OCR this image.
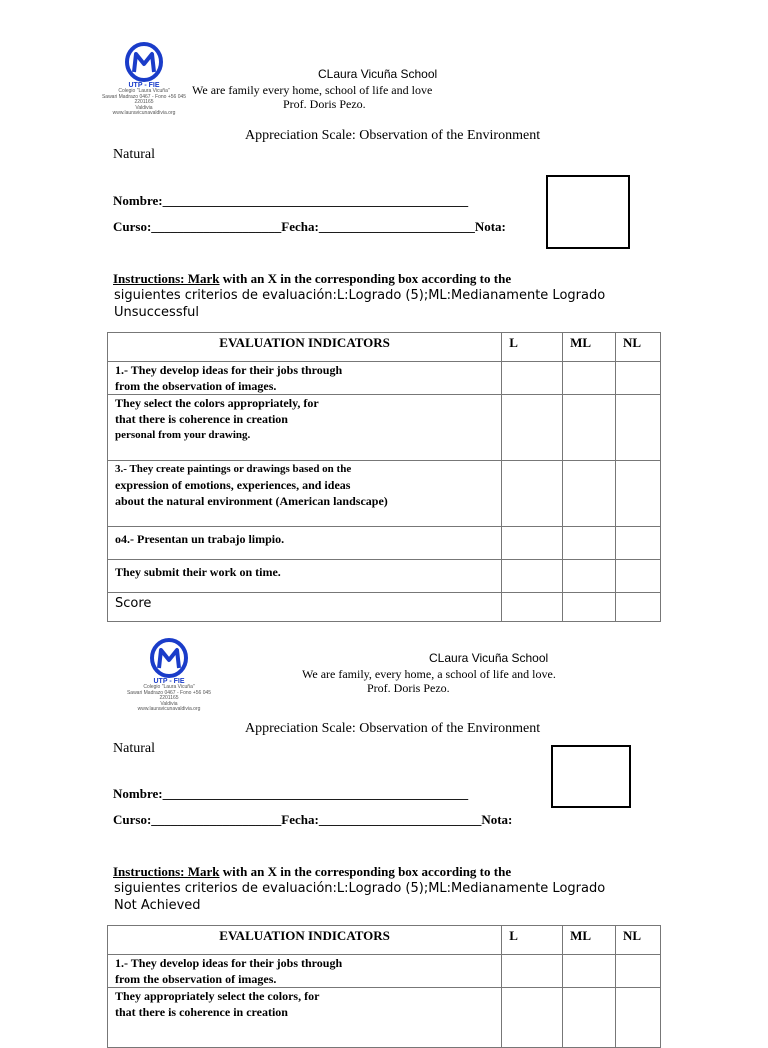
UTP - FIE
Colegio "Laura Vicuña"
Sawari Madrazo 0467 - Fono +56 045 2201165
Valdivia
www.lauravicunavaldivia.org
CLaura Vicuña School
We are family every home, school of life and love
Prof. Doris Pezo.
Appreciation Scale: Observation of the Environment
Natural
Nombre:_______________________________________________
Curso:____________________Fecha:________________________Nota:
Instructions: Mark with an X in the corresponding box according to the
siguientes criterios de evaluación:L:Logrado (5);ML:Medianamente Logrado
Unsuccessful
EVALUATION INDICATORS	L	ML	NL

1.- They develop ideas for their jobs through
from the observation of images.			

They select the colors appropriately, for
that there is coherence in creation
personal from your drawing.			

3.- They create paintings or drawings based on the
expression of emotions, experiences, and ideas
about the natural environment (American landscape)			

o4.- Presentan un trabajo limpio.			

They submit their work on time.			

Score			
UTP - FIE
Colegio "Laura Vicuña"
Sawari Madrazo 0467 - Fono +56 045 2201165
Valdivia
www.lauravicunavaldivia.org
CLaura Vicuña School
We are family, every home, a school of life and love.
Prof. Doris Pezo.
Appreciation Scale: Observation of the Environment
Natural
Nombre:_______________________________________________
Curso:____________________Fecha:_________________________Nota:
Instructions: Mark with an X in the corresponding box according to the
siguientes criterios de evaluación:L:Logrado (5);ML:Medianamente Logrado
Not Achieved
EVALUATION INDICATORS	L	ML	NL

1.- They develop ideas for their jobs through
from the observation of images.			

They appropriately select the colors, for
that there is coherence in creation			
